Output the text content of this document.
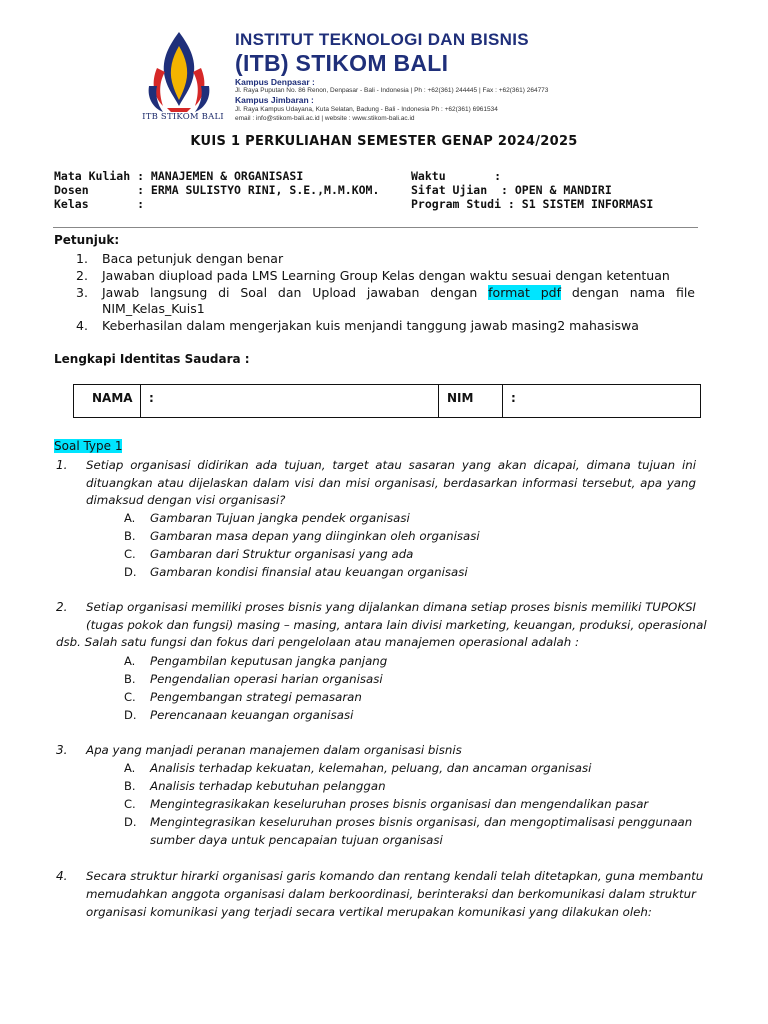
ITB STIKOM BALI
INSTITUT TEKNOLOGI DAN BISNIS
(ITB) STIKOM BALI
Kampus Denpasar :
Jl. Raya Puputan No. 86 Renon, Denpasar - Bali - Indonesia | Ph : +62(361) 244445 | Fax : +62(361) 264773
Kampus Jimbaran :
Jl. Raya Kampus Udayana, Kuta Selatan, Badung - Bali - Indonesia Ph : +62(361) 6961534
email : info@stikom-bali.ac.id | website : www.stikom-bali.ac.id
KUIS 1 PERKULIAHAN SEMESTER GENAP 2024/2025
Mata Kuliah : MANAJEMEN & ORGANISASI
Dosen       : ERMA SULISTYO RINI, S.E.,M.M.KOM.
Kelas       :
Waktu       :
Sifat Ujian  : OPEN & MANDIRI
Program Studi : S1 SISTEM INFORMASI
Petunjuk:
1. Baca petunjuk dengan benar
2. Jawaban diupload pada LMS Learning Group Kelas dengan waktu sesuai dengan ketentuan
3. Jawab langsung di Soal dan Upload jawaban dengan format pdf dengan nama file
NIM_Kelas_Kuis1
4. Keberhasilan dalam mengerjakan kuis menjandi tanggung jawab masing2 mahasiswa
Lengkapi Identitas Saudara :
NAMA :	NIM	:
Soal Type 1
1. Setiap organisasi didirikan ada tujuan, target atau sasaran yang akan dicapai, dimana tujuan ini
dituangkan atau dijelaskan dalam visi dan misi organisasi, berdasarkan informasi tersebut, apa yang
dimaksud dengan visi organisasi?
A. Gambaran Tujuan jangka pendek organisasi
B. Gambaran masa depan yang diinginkan oleh organisasi
C. Gambaran dari Struktur organisasi yang ada
D. Gambaran kondisi finansial atau keuangan organisasi
2. Setiap organisasi memiliki proses bisnis yang dijalankan dimana setiap proses bisnis memiliki TUPOKSI
(tugas pokok dan fungsi) masing – masing, antara lain divisi marketing, keuangan, produksi, operasional
dsb. Salah satu fungsi dan fokus dari pengelolaan atau manajemen operasional adalah :
A. Pengambilan keputusan jangka panjang
B. Pengendalian operasi harian organisasi
C. Pengembangan strategi pemasaran
D. Perencanaan keuangan organisasi
3. Apa yang manjadi peranan manajemen dalam organisasi bisnis
A. Analisis terhadap kekuatan, kelemahan, peluang, dan ancaman organisasi
B. Analisis terhadap kebutuhan pelanggan
C. Mengintegrasikakan keseluruhan proses bisnis organisasi dan mengendalikan pasar
D. Mengintegrasikan keseluruhan proses bisnis organisasi, dan mengoptimalisasi penggunaan
sumber daya untuk pencapaian tujuan organisasi
4. Secara struktur hirarki organisasi garis komando dan rentang kendali telah ditetapkan, guna membantu
memudahkan anggota organisasi dalam berkoordinasi, berinteraksi dan berkomunikasi dalam struktur
organisasi komunikasi yang terjadi secara vertikal merupakan komunikasi yang dilakukan oleh:
